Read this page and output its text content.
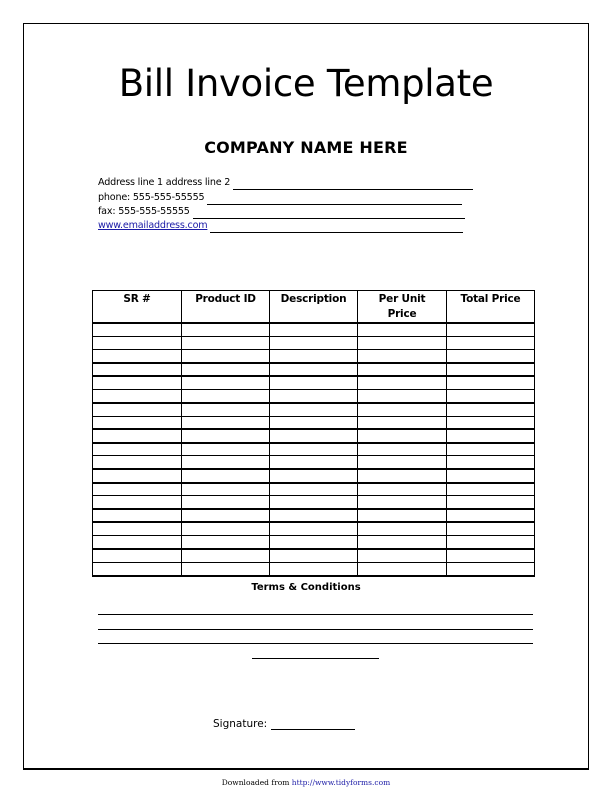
Bill Invoice Template
COMPANY NAME HERE
Address line 1 address line 2
phone: 555-555-55555
fax: 555-555-55555
www.emailaddress.com
SR #	Product ID	Description	Per Unit Price	Total Price

Terms & Conditions
Signature:
Downloaded from http://www.tidyforms.com
